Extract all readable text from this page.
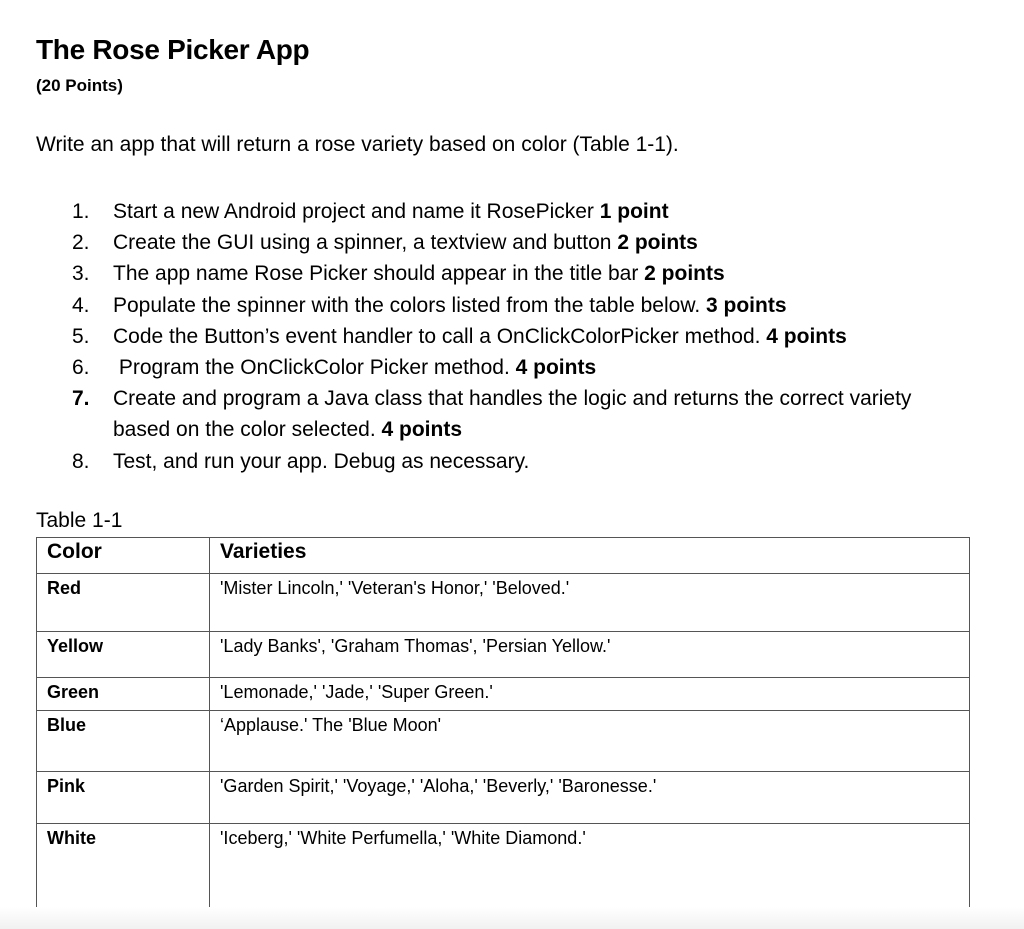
The Rose Picker App

(20 Points)

Write an app that will return a rose variety based on color (Table 1-1).

1.	Start a new Android project and name it RosePicker 1 point
2.	Create the GUI using a spinner, a textview and button 2 points
3.	The app name Rose Picker should appear in the title bar 2 points
4.	Populate the spinner with the colors listed from the table below. 3 points
5.	Code the Button’s event handler to call a OnClickColorPicker method. 4 points
6.	Program the OnClickColor Picker method. 4 points
7.	Create and program a Java class that handles the logic and returns the correct variety based on the color selected. 4 points
8.	Test, and run your app. Debug as necessary.

Table 1-1

Color	Varieties
Red	'Mister Lincoln,' 'Veteran's Honor,' 'Beloved.'
Yellow	'Lady Banks', 'Graham Thomas', 'Persian Yellow.'
Green	'Lemonade,' 'Jade,' 'Super Green.'
Blue	‘Applause.' The 'Blue Moon'
Pink	'Garden Spirit,' 'Voyage,' 'Aloha,' 'Beverly,' 'Baronesse.'
White	'Iceberg,' 'White Perfumella,' 'White Diamond.'
